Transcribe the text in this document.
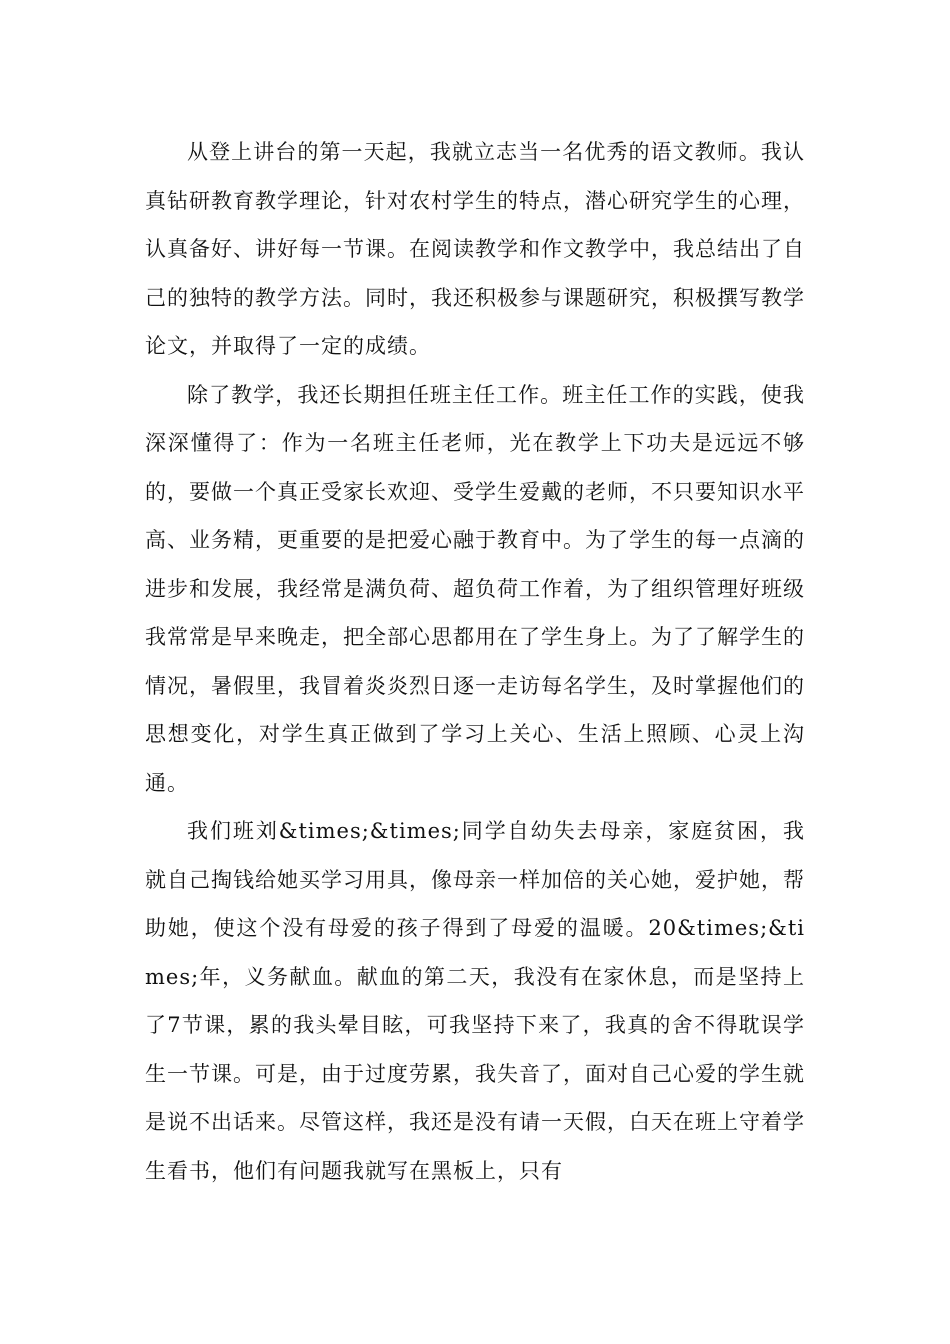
从登上讲台的第一天起，我就立志当一名优秀的语文教师。我认真钻研教育教学理论，针对农村学生的特点，潜心研究学生的心理，认真备好、讲好每一节课。在阅读教学和作文教学中，我总结出了自己的独特的教学方法。同时，我还积极参与课题研究，积极撰写教学论文，并取得了一定的成绩。

除了教学，我还长期担任班主任工作。班主任工作的实践，使我深深懂得了：作为一名班主任老师，光在教学上下功夫是远远不够的，要做一个真正受家长欢迎、受学生爱戴的老师，不只要知识水平高、业务精，更重要的是把爱心融于教育中。为了学生的每一点滴的进步和发展，我经常是满负荷、超负荷工作着，为了组织管理好班级我常常是早来晚走，把全部心思都用在了学生身上。为了了解学生的情况，暑假里，我冒着炎炎烈日逐一走访每名学生，及时掌握他们的思想变化，对学生真正做到了学习上关心、生活上照顾、心灵上沟通。

我们班刘&times;&times;同学自幼失去母亲，家庭贫困，我就自己掏钱给她买学习用具，像母亲一样加倍的关心她，爱护她，帮助她，使这个没有母爱的孩子得到了母爱的温暖。20&times;&times;年，义务献血。献血的第二天，我没有在家休息，而是坚持上了7节课，累的我头晕目眩，可我坚持下来了，我真的舍不得耽误学生一节课。可是，由于过度劳累，我失音了，面对自己心爱的学生就是说不出话来。尽管这样，我还是没有请一天假，白天在班上守着学生看书，他们有问题我就写在黑板上，只有
